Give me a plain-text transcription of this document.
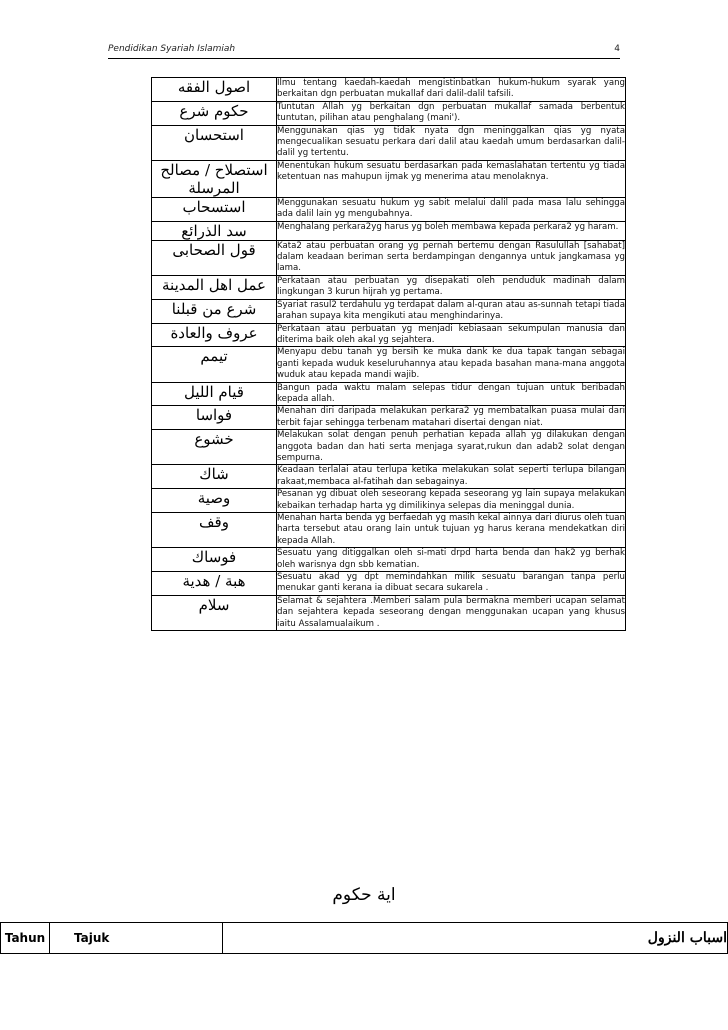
Pendidikan Syariah Islamiah	4
اصول الفقه	Ilmu tentang kaedah-kaedah mengistinbatkan hukum-hukum syarak yang berkaitan dgn perbuatan mukallaf dari dalil-dalil tafsili.
حكوم شرع	Tuntutan Allah yg berkaitan dgn perbuatan mukallaf samada berbentuk tuntutan, pilihan atau penghalang (mani').
استحسان	Menggunakan qias yg tidak nyata dgn meninggalkan qias yg nyata mengecualikan sesuatu perkara dari dalil atau kaedah umum berdasarkan dalil-dalil yg tertentu.
استصلاح / مصالح المرسلة	Menentukan hukum sesuatu berdasarkan pada kemaslahatan tertentu yg tiada ketentuan nas mahupun ijmak yg menerima atau menolaknya.
استسحاب	Menggunakan sesuatu hukum yg sabit melalui dalil pada masa lalu sehingga ada dalil lain yg mengubahnya.
سد الذرائع	Menghalang perkara2yg harus yg boleh membawa kepada perkara2 yg haram.
قول الصحابى	Kata2 atau perbuatan orang yg pernah bertemu dengan Rasulullah [sahabat] dalam keadaan beriman serta berdampingan dengannya untuk jangkamasa yg lama.
عمل اهل المدينة	Perkataan atau perbuatan yg disepakati oleh penduduk madinah dalam lingkungan 3 kurun hijrah yg pertama.
شرع من قبلنا	Syariat rasul2 terdahulu yg terdapat dalam al-quran atau as-sunnah tetapi tiada arahan supaya kita mengikuti atau menghindarinya.
عروف والعادة	Perkataan atau perbuatan yg menjadi kebiasaan sekumpulan manusia dan diterima baik oleh akal yg sejahtera.
تيمم	Menyapu debu tanah yg bersih ke muka dank ke dua tapak tangan sebagai ganti kepada wuduk keseluruhannya atau kepada basahan mana-mana anggota wuduk atau kepada mandi wajib.
قيام الليل	Bangun pada waktu malam selepas tidur dengan tujuan untuk beribadah kepada allah.
فواسا	Menahan diri daripada melakukan perkara2 yg membatalkan puasa mulai dari terbit fajar sehingga terbenam matahari disertai dengan niat.
خشوع	Melakukan solat dengan penuh perhatian kepada allah yg dilakukan dengan anggota badan dan hati serta menjaga syarat,rukun dan adab2 solat dengan sempurna.
شاك	Keadaan terlalai atau terlupa ketika melakukan solat seperti terlupa bilangan rakaat,membaca al-fatihah dan sebagainya.
وصية	Pesanan yg dibuat oleh seseorang kepada seseorang yg lain supaya melakukan kebaikan terhadap harta yg dimilikinya selepas dia meninggal dunia.
وقف	Menahan harta benda yg berfaedah yg masih kekal ainnya dari diurus oleh tuan harta tersebut atau orang lain untuk tujuan yg harus kerana mendekatkan diri kepada Allah.
فوساك	Sesuatu yang ditiggalkan oleh si-mati drpd harta benda dan hak2 yg berhak oleh warisnya dgn sbb kematian.
هبة / هدية	Sesuatu akad yg dpt memindahkan milik sesuatu barangan tanpa perlu menukar ganti kerana ia dibuat secara sukarela .
سلام	Selamat & sejahtera .Memberi salam pula bermakna memberi ucapan selamat dan sejahtera kepada seseorang dengan menggunakan ucapan yang khusus iaitu Assalamualaikum .
اية حكوم
Tahun	Tajuk	اسباب النزول
